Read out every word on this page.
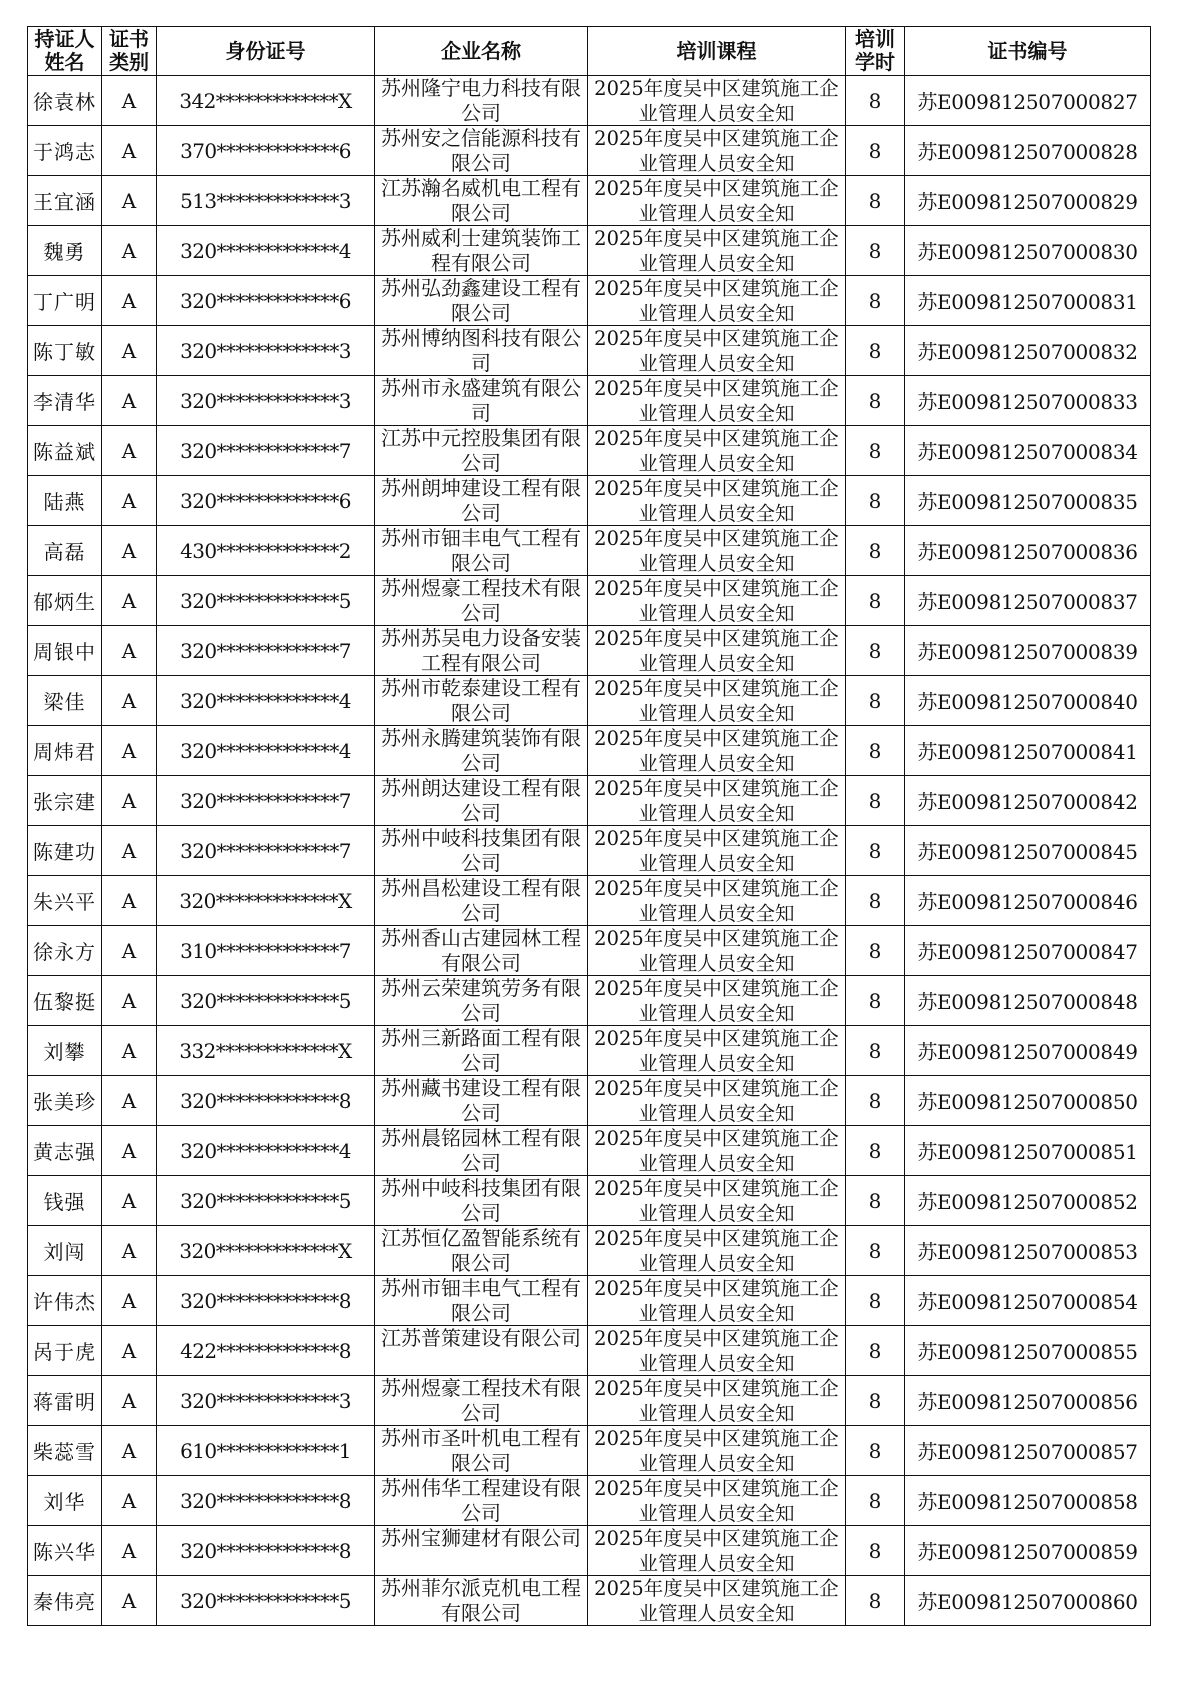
持证人姓名	证书类别	身份证号	企业名称	培训课程	培训学时	证书编号
徐袁林	A	342*************X	苏州隆宁电力科技有限公司	2025年度吴中区建筑施工企业管理人员安全知	8	苏E009812507000827
于鸿志	A	370*************6	苏州安之信能源科技有限公司	2025年度吴中区建筑施工企业管理人员安全知	8	苏E009812507000828
王宜涵	A	513*************3	江苏瀚名威机电工程有限公司	2025年度吴中区建筑施工企业管理人员安全知	8	苏E009812507000829
魏勇	A	320*************4	苏州威利士建筑装饰工程有限公司	2025年度吴中区建筑施工企业管理人员安全知	8	苏E009812507000830
丁广明	A	320*************6	苏州弘劲鑫建设工程有限公司	2025年度吴中区建筑施工企业管理人员安全知	8	苏E009812507000831
陈丁敏	A	320*************3	苏州博纳图科技有限公司	2025年度吴中区建筑施工企业管理人员安全知	8	苏E009812507000832
李清华	A	320*************3	苏州市永盛建筑有限公司	2025年度吴中区建筑施工企业管理人员安全知	8	苏E009812507000833
陈益斌	A	320*************7	江苏中元控股集团有限公司	2025年度吴中区建筑施工企业管理人员安全知	8	苏E009812507000834
陆燕	A	320*************6	苏州朗坤建设工程有限公司	2025年度吴中区建筑施工企业管理人员安全知	8	苏E009812507000835
高磊	A	430*************2	苏州市钿丰电气工程有限公司	2025年度吴中区建筑施工企业管理人员安全知	8	苏E009812507000836
郁炳生	A	320*************5	苏州煜豪工程技术有限公司	2025年度吴中区建筑施工企业管理人员安全知	8	苏E009812507000837
周银中	A	320*************7	苏州苏吴电力设备安装工程有限公司	2025年度吴中区建筑施工企业管理人员安全知	8	苏E009812507000839
梁佳	A	320*************4	苏州市乾泰建设工程有限公司	2025年度吴中区建筑施工企业管理人员安全知	8	苏E009812507000840
周炜君	A	320*************4	苏州永腾建筑装饰有限公司	2025年度吴中区建筑施工企业管理人员安全知	8	苏E009812507000841
张宗建	A	320*************7	苏州朗达建设工程有限公司	2025年度吴中区建筑施工企业管理人员安全知	8	苏E009812507000842
陈建功	A	320*************7	苏州中岐科技集团有限公司	2025年度吴中区建筑施工企业管理人员安全知	8	苏E009812507000845
朱兴平	A	320*************X	苏州昌松建设工程有限公司	2025年度吴中区建筑施工企业管理人员安全知	8	苏E009812507000846
徐永方	A	310*************7	苏州香山古建园林工程有限公司	2025年度吴中区建筑施工企业管理人员安全知	8	苏E009812507000847
伍黎挺	A	320*************5	苏州云荣建筑劳务有限公司	2025年度吴中区建筑施工企业管理人员安全知	8	苏E009812507000848
刘攀	A	332*************X	苏州三新路面工程有限公司	2025年度吴中区建筑施工企业管理人员安全知	8	苏E009812507000849
张美珍	A	320*************8	苏州藏书建设工程有限公司	2025年度吴中区建筑施工企业管理人员安全知	8	苏E009812507000850
黄志强	A	320*************4	苏州晨铭园林工程有限公司	2025年度吴中区建筑施工企业管理人员安全知	8	苏E009812507000851
钱强	A	320*************5	苏州中岐科技集团有限公司	2025年度吴中区建筑施工企业管理人员安全知	8	苏E009812507000852
刘闯	A	320*************X	江苏恒亿盈智能系统有限公司	2025年度吴中区建筑施工企业管理人员安全知	8	苏E009812507000853
许伟杰	A	320*************8	苏州市钿丰电气工程有限公司	2025年度吴中区建筑施工企业管理人员安全知	8	苏E009812507000854
呙于虎	A	422*************8	江苏普策建设有限公司	2025年度吴中区建筑施工企业管理人员安全知	8	苏E009812507000855
蒋雷明	A	320*************3	苏州煜豪工程技术有限公司	2025年度吴中区建筑施工企业管理人员安全知	8	苏E009812507000856
柴蕊雪	A	610*************1	苏州市圣叶机电工程有限公司	2025年度吴中区建筑施工企业管理人员安全知	8	苏E009812507000857
刘华	A	320*************8	苏州伟华工程建设有限公司	2025年度吴中区建筑施工企业管理人员安全知	8	苏E009812507000858
陈兴华	A	320*************8	苏州宝狮建材有限公司	2025年度吴中区建筑施工企业管理人员安全知	8	苏E009812507000859
秦伟亮	A	320*************5	苏州菲尔派克机电工程有限公司	2025年度吴中区建筑施工企业管理人员安全知	8	苏E009812507000860
